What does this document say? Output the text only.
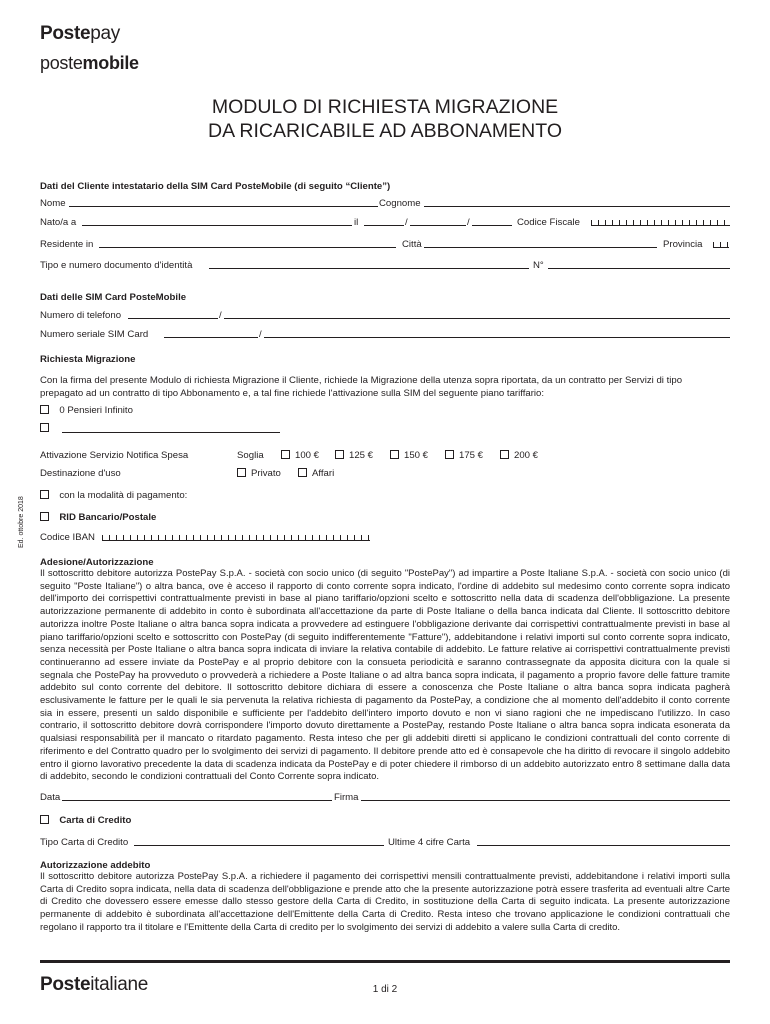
Postepay
postemobile
MODULO DI RICHIESTA MIGRAZIONE
DA RICARICABILE AD ABBONAMENTO
Dati del Cliente intestatario della SIM Card PosteMobile (di seguito “Cliente”)
Nome	Cognome
Nato/a a	il	/	/	Codice Fiscale
Residente in	Città	Provincia
Tipo e numero documento d'identità	N°
Dati delle SIM Card PosteMobile
Numero di telefono	/
Numero seriale SIM Card	/
Richiesta Migrazione
Con la firma del presente Modulo di richiesta Migrazione il Cliente, richiede la Migrazione della utenza sopra riportata, da un contratto per Servizi di tipo
prepagato ad un contratto di tipo Abbonamento e, a tal fine richiede l'attivazione sulla SIM del seguente piano tariffario:
0 Pensieri Infinito
Attivazione Servizio Notifica Spesa	Soglia	100 €	125 €	150 €	175 €	200 €
Destinazione d'uso	Privato	Affari
con la modalità di pagamento:
RID Bancario/Postale
Codice IBAN
Ed. ottobre 2018
Adesione/Autorizzazione
Il sottoscritto debitore autorizza PostePay S.p.A. - società con socio unico (di seguito "PostePay") ad impartire a Poste Italiane S.p.A. - società con socio unico (di seguito "Poste Italiane") o altra banca, ove è acceso il rapporto di conto corrente sopra indicato, l'ordine di addebito sul medesimo conto corrente sopra indicato dell'importo dei corrispettivi contrattualmente previsti in base al piano tariffario/opzioni scelto e sottoscritto nella data di scadenza dell'obbligazione. La presente autorizzazione permanente di addebito in conto è subordinata all'accettazione da parte di Poste Italiane o della banca indicata dal Cliente. Il sottoscritto debitore autorizza inoltre Poste Italiane o altra banca sopra indicata a provvedere ad estinguere l'obbligazione derivante dai corrispettivi contrattualmente previsti in base al piano tariffario/opzioni scelto e sottoscritto con PostePay (di seguito indifferentemente "Fatture"), addebitandone i relativi importi sul conto corrente sopra indicato, senza necessità per Poste Italiane o altra banca sopra indicata di inviare la relativa contabile di addebito. Le fatture relative ai corrispettivi contrattualmente previsti continueranno ad essere inviate da PostePay e al proprio debitore con la consueta periodicità e saranno contrassegnate da apposita dicitura con la quale si segnala che PostePay ha provveduto o provvederà a richiedere a Poste Italiane o ad altra banca sopra indicata, il pagamento a proprio favore delle fatture tramite addebito sul conto corrente del debitore. Il sottoscritto debitore dichiara di essere a conoscenza che Poste Italiane o altra banca sopra indicata pagherà esclusivamente le fatture per le quali le sia pervenuta la relativa richiesta di pagamento da PostePay, a condizione che al momento dell'addebito il conto corrente sia in essere, presenti un saldo disponibile e sufficiente per l'addebito dell'intero importo dovuto e non vi siano ragioni che ne impediscano l'utilizzo. In caso contrario, il sottoscritto debitore dovrà corrispondere l'importo dovuto direttamente a PostePay, restando Poste Italiane o altra banca sopra indicata esonerata da qualsiasi responsabilità per il mancato o ritardato pagamento. Resta inteso che per gli addebiti diretti si applicano le condizioni contrattuali del conto corrente di riferimento e del Contratto quadro per lo svolgimento dei servizi di pagamento. Il debitore prende atto ed è consapevole che ha diritto di revocare il singolo addebito entro il giorno lavorativo precedente la data di scadenza indicata da PostePay e di poter chiedere il rimborso di un addebito autorizzato entro 8 settimane dalla data di addebito, secondo le condizioni contrattuali del Conto Corrente sopra indicato.
Data	Firma
Carta di Credito
Tipo Carta di Credito	Ultime 4 cifre Carta
Autorizzazione addebito
Il sottoscritto debitore autorizza PostePay S.p.A. a richiedere il pagamento dei corrispettivi mensili contrattualmente previsti, addebitandone i relativi importi sulla Carta di Credito sopra indicata, nella data di scadenza dell'obbligazione e prende atto che la presente autorizzazione potrà essere trasferita ad eventuali altre Carte di Credito che dovessero essere emesse dallo stesso gestore della Carta di Credito, in sostituzione della Carta di seguito indicata. La presente autorizzazione permanente di addebito è subordinata all'accettazione dell'Emittente della Carta di Credito. Resta inteso che trovano applicazione le condizioni contrattuali che regolano il rapporto tra il titolare e l'Emittente della Carta di credito per lo svolgimento dei servizi di addebito a valere sulla Carta di credito.
Posteitaliane	1 di 2
